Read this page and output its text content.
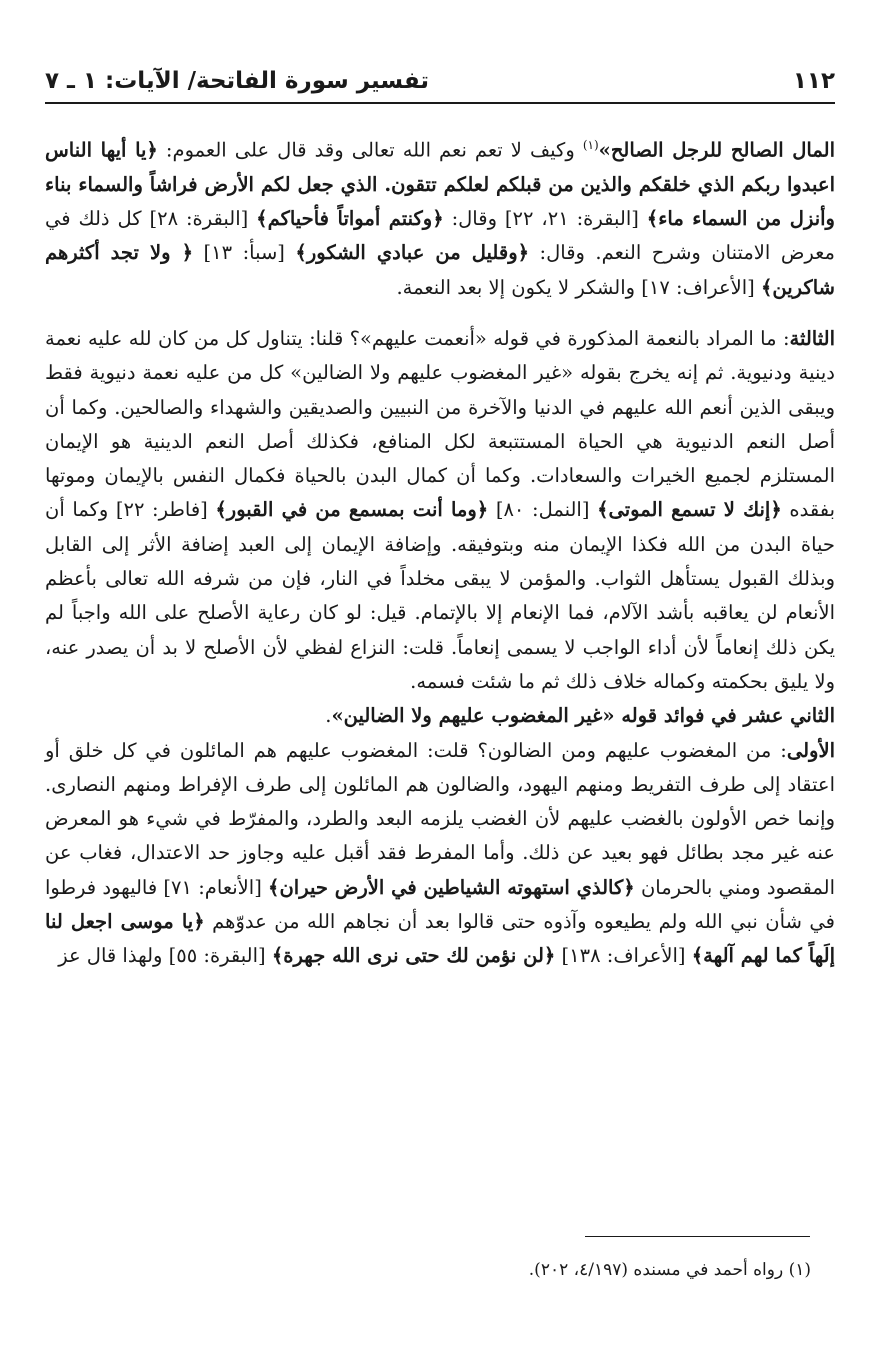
١١٢
تفسير سورة الفاتحة/ الآيات: ١ ـ ٧

المال الصالح للرجل الصالح»$^{(١)}$ وكيف لا تعم نعم الله تعالى وقد قال على العموم: ﴿يا أيها الناس اعبدوا ربكم الذي خلقكم والذين من قبلكم لعلكم تتقون. الذي جعل لكم الأرض فراشاً والسماء بناء وأنزل من السماء ماء﴾ [البقرة: ٢١، ٢٢] وقال: ﴿وكنتم أمواتاً فأحياكم﴾ [البقرة: ٢٨] كل ذلك في معرض الامتنان وشرح النعم. وقال: ﴿وقليل من عبادي الشكور﴾ [سبأ: ١٣] ﴿ ولا تجد أكثرهم شاكرين﴾ [الأعراف: ١٧] والشكر لا يكون إلا بعد النعمة.

الثالثة: ما المراد بالنعمة المذكورة في قوله «أنعمت عليهم»؟ قلنا: يتناول كل من كان لله عليه نعمة دينية ودنيوية. ثم إنه يخرج بقوله «غير المغضوب عليهم ولا الضالين» كل من عليه نعمة دنيوية فقط ويبقى الذين أنعم الله عليهم في الدنيا والآخرة من النبيين والصديقين والشهداء والصالحين. وكما أن أصل النعم الدنيوية هي الحياة المستتبعة لكل المنافع، فكذلك أصل النعم الدينية هو الإيمان المستلزم لجميع الخيرات والسعادات. وكما أن كمال البدن بالحياة فكمال النفس بالإيمان وموتها بفقده ﴿إنك لا تسمع الموتى﴾ [النمل: ٨٠] ﴿وما أنت بمسمع من في القبور﴾ [فاطر: ٢٢] وكما أن حياة البدن من الله فكذا الإيمان منه وبتوفيقه. وإضافة الإيمان إلى العبد إضافة الأثر إلى القابل وبذلك القبول يستأهل الثواب. والمؤمن لا يبقى مخلداً في النار، فإن من شرفه الله تعالى بأعظم الأنعام لن يعاقبه بأشد الآلام، فما الإنعام إلا بالإتمام. قيل: لو كان رعاية الأصلح على الله واجباً لم يكن ذلك إنعاماً لأن أداء الواجب لا يسمى إنعاماً. قلت: النزاع لفظي لأن الأصلح لا بد أن يصدر عنه، ولا يليق بحكمته وكماله خلاف ذلك ثم ما شئت فسمه.

الثاني عشر في فوائد قوله «غير المغضوب عليهم ولا الضالين».

الأولى: من المغضوب عليهم ومن الضالون؟ قلت: المغضوب عليهم هم المائلون في كل خلق أو اعتقاد إلى طرف التفريط ومنهم اليهود، والضالون هم المائلون إلى طرف الإفراط ومنهم النصارى. وإنما خص الأولون بالغضب عليهم لأن الغضب يلزمه البعد والطرد، والمفرّط في شيء هو المعرض عنه غير مجد بطائل فهو بعيد عن ذلك. وأما المفرط فقد أقبل عليه وجاوز حد الاعتدال، فغاب عن المقصود ومني بالحرمان ﴿كالذي استهوته الشياطين في الأرض حيران﴾ [الأنعام: ٧١] فاليهود فرطوا في شأن نبي الله ولم يطيعوه وآذوه حتى قالوا بعد أن نجاهم الله من عدوّهم ﴿يا موسى اجعل لنا إلَهاً كما لهم آلهة﴾ [الأعراف: ١٣٨] ﴿لن نؤمن لك حتى نرى الله جهرة﴾ [البقرة: ٥٥] ولهذا قال عز

(١) رواه أحمد في مسنده (٤/١٩٧، ٢٠٢).
